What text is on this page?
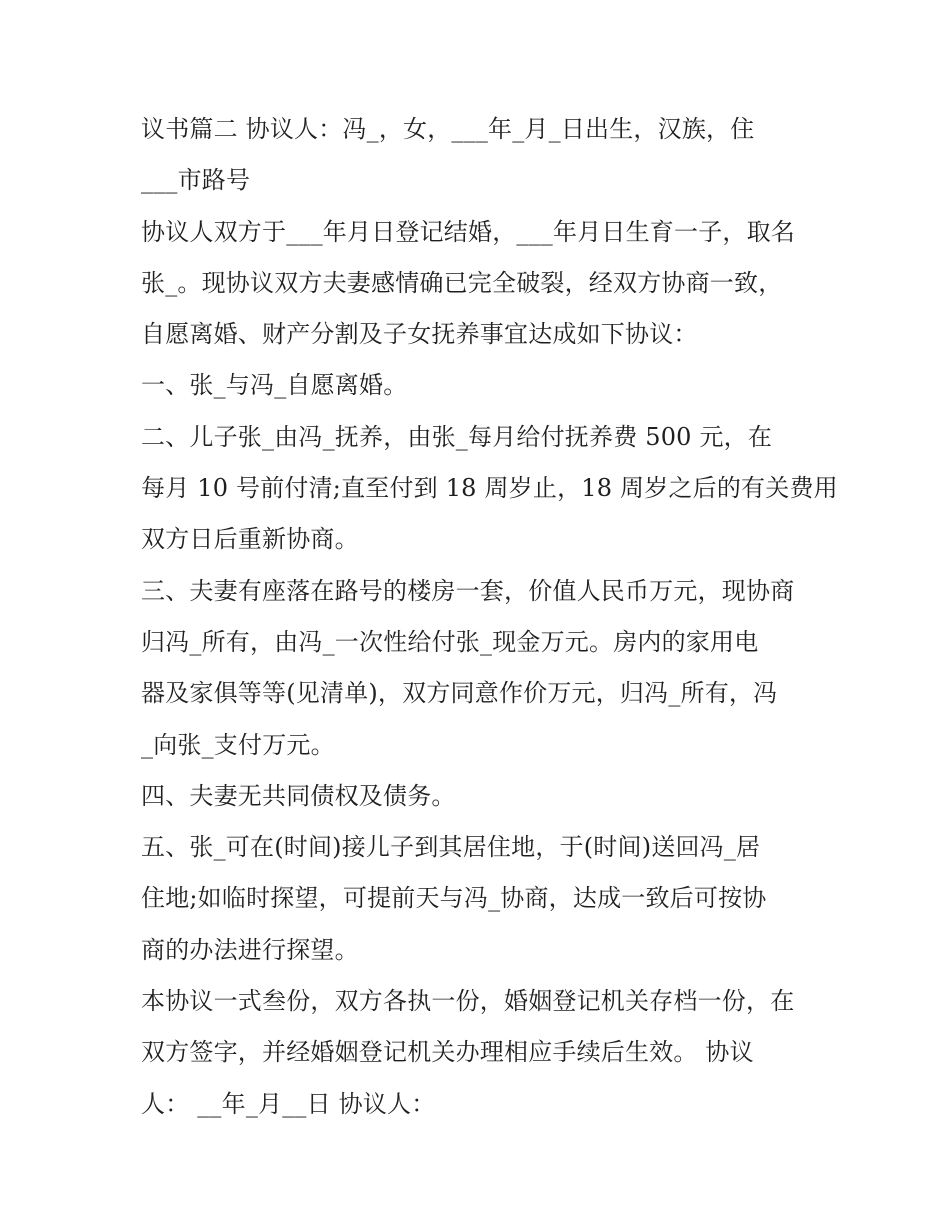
议书篇二 协议人：冯_，女，___年_月_日出生，汉族，住
___市路号
协议人双方于___年月日登记结婚，___年月日生育一子，取名
张_。现协议双方夫妻感情确已完全破裂，经双方协商一致，
自愿离婚、财产分割及子女抚养事宜达成如下协议：
一、张_与冯_自愿离婚。
二、儿子张_由冯_抚养，由张_每月给付抚养费 500 元，在
每月 10 号前付清;直至付到 18 周岁止，18 周岁之后的有关费用
双方日后重新协商。
三、夫妻有座落在路号的楼房一套，价值人民币万元，现协商
归冯_所有，由冯_一次性给付张_现金万元。房内的家用电
器及家俱等等(见清单)，双方同意作价万元，归冯_所有，冯
_向张_支付万元。
四、夫妻无共同债权及债务。
五、张_可在(时间)接儿子到其居住地，于(时间)送回冯_居
住地;如临时探望，可提前天与冯_协商，达成一致后可按协
商的办法进行探望。
本协议一式叁份，双方各执一份，婚姻登记机关存档一份，在
双方签字，并经婚姻登记机关办理相应手续后生效。 协议
人： __年_月__日 协议人：
